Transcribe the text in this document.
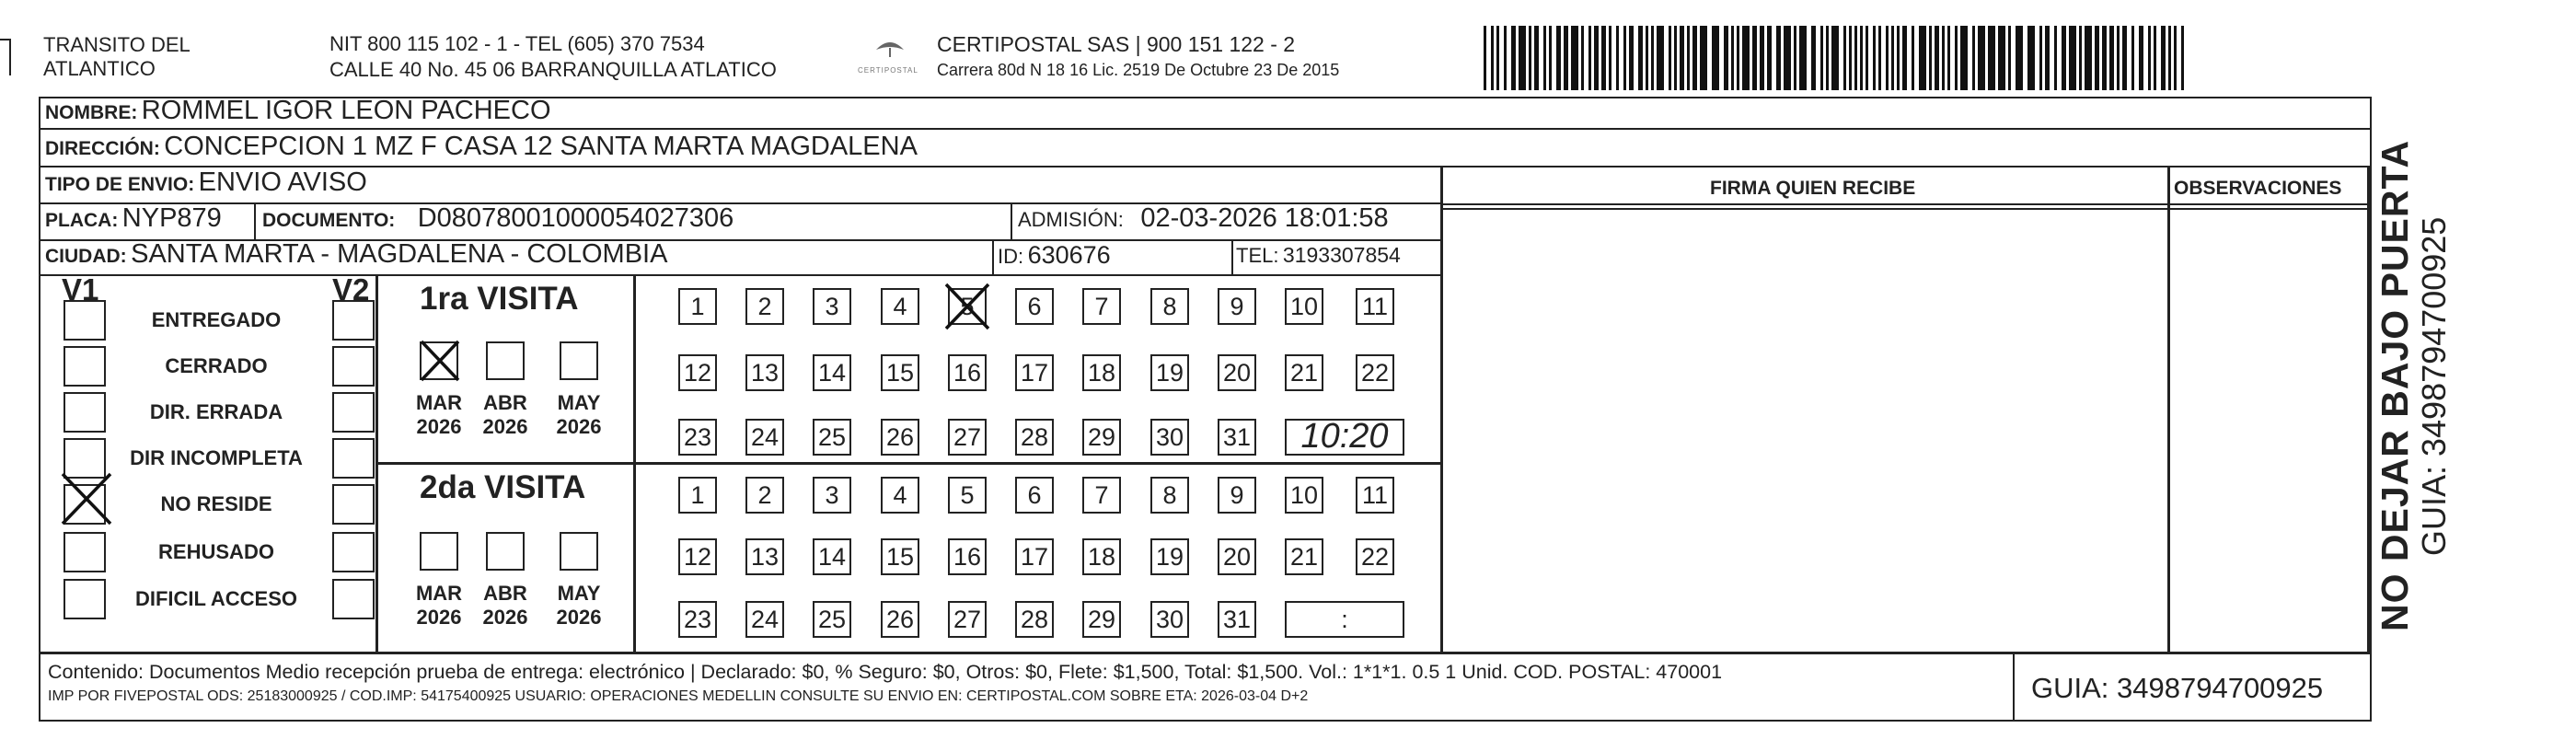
TRANSITO DEL
ATLANTICO
NIT 800 115 102 - 1 - TEL (605) 370 7534
CALLE 40 No. 45 06 BARRANQUILLA ATLATICO	CERTIPOSTAL
CERTIPOSTAL SAS | 900 151 122 - 2
Carrera 80d N 18 16 Lic. 2519 De Octubre 23 De 2015
NOMBRE: ROMMEL IGOR LEON PACHECO
DIRECCIÓN: CONCEPCION 1 MZ F CASA 12 SANTA MARTA MAGDALENA
TIPO DE ENVIO: ENVIO AVISO	FIRMA QUIEN RECIBE	OBSERVACIONES
PLACA: NYP879 DOCUMENTO: D08078001000054027306	ADMISIÓN: 02-03-2026 18:01:58
CIUDAD: SANTA MARTA - MAGDALENA - COLOMBIA	ID: 630676	TEL: 3193307854
V1	V2 1ra VISITA
2da VISITA
Contenido: Documentos Medio recepción prueba de entrega: electrónico | Declarado: $0, % Seguro: $0, Otros: $0, Flete: $1,500, Total: $1,500. Vol.: 1*1*1. 0.5 1 Unid. COD. POSTAL: 470001
IMP POR FIVEPOSTAL ODS: 25183000925 / COD.IMP: 54175400925 USUARIO: OPERACIONES MEDELLIN CONSULTE SU ENVIO EN: CERTIPOSTAL.COM SOBRE ETA: 2026-03-04 D+2	GUIA: 3498794700925
NO DEJAR BAJO PUERTA GUIA: 3498794700925
ENTREGADO
CERRADO
DIR. ERRADA
DIR INCOMPLETA
NO RESIDE
REHUSADO
DIFICIL ACCESO
MAR
2026
ABR
2026
MAY
2026
MAR
2026
ABR
2026
MAY
2026
1	2	3	4	5	6	7	8	9	10 11
12 13 14 15 16 17 18 19 20 21 22
23 24 25 26 27 28 29 30 31	10:20
1	2	3	4	5	6	7	8	9	10 11
12 13 14 15 16 17 18 19 20 21 22
23 24 25 26 27 28 29 30 31	:
